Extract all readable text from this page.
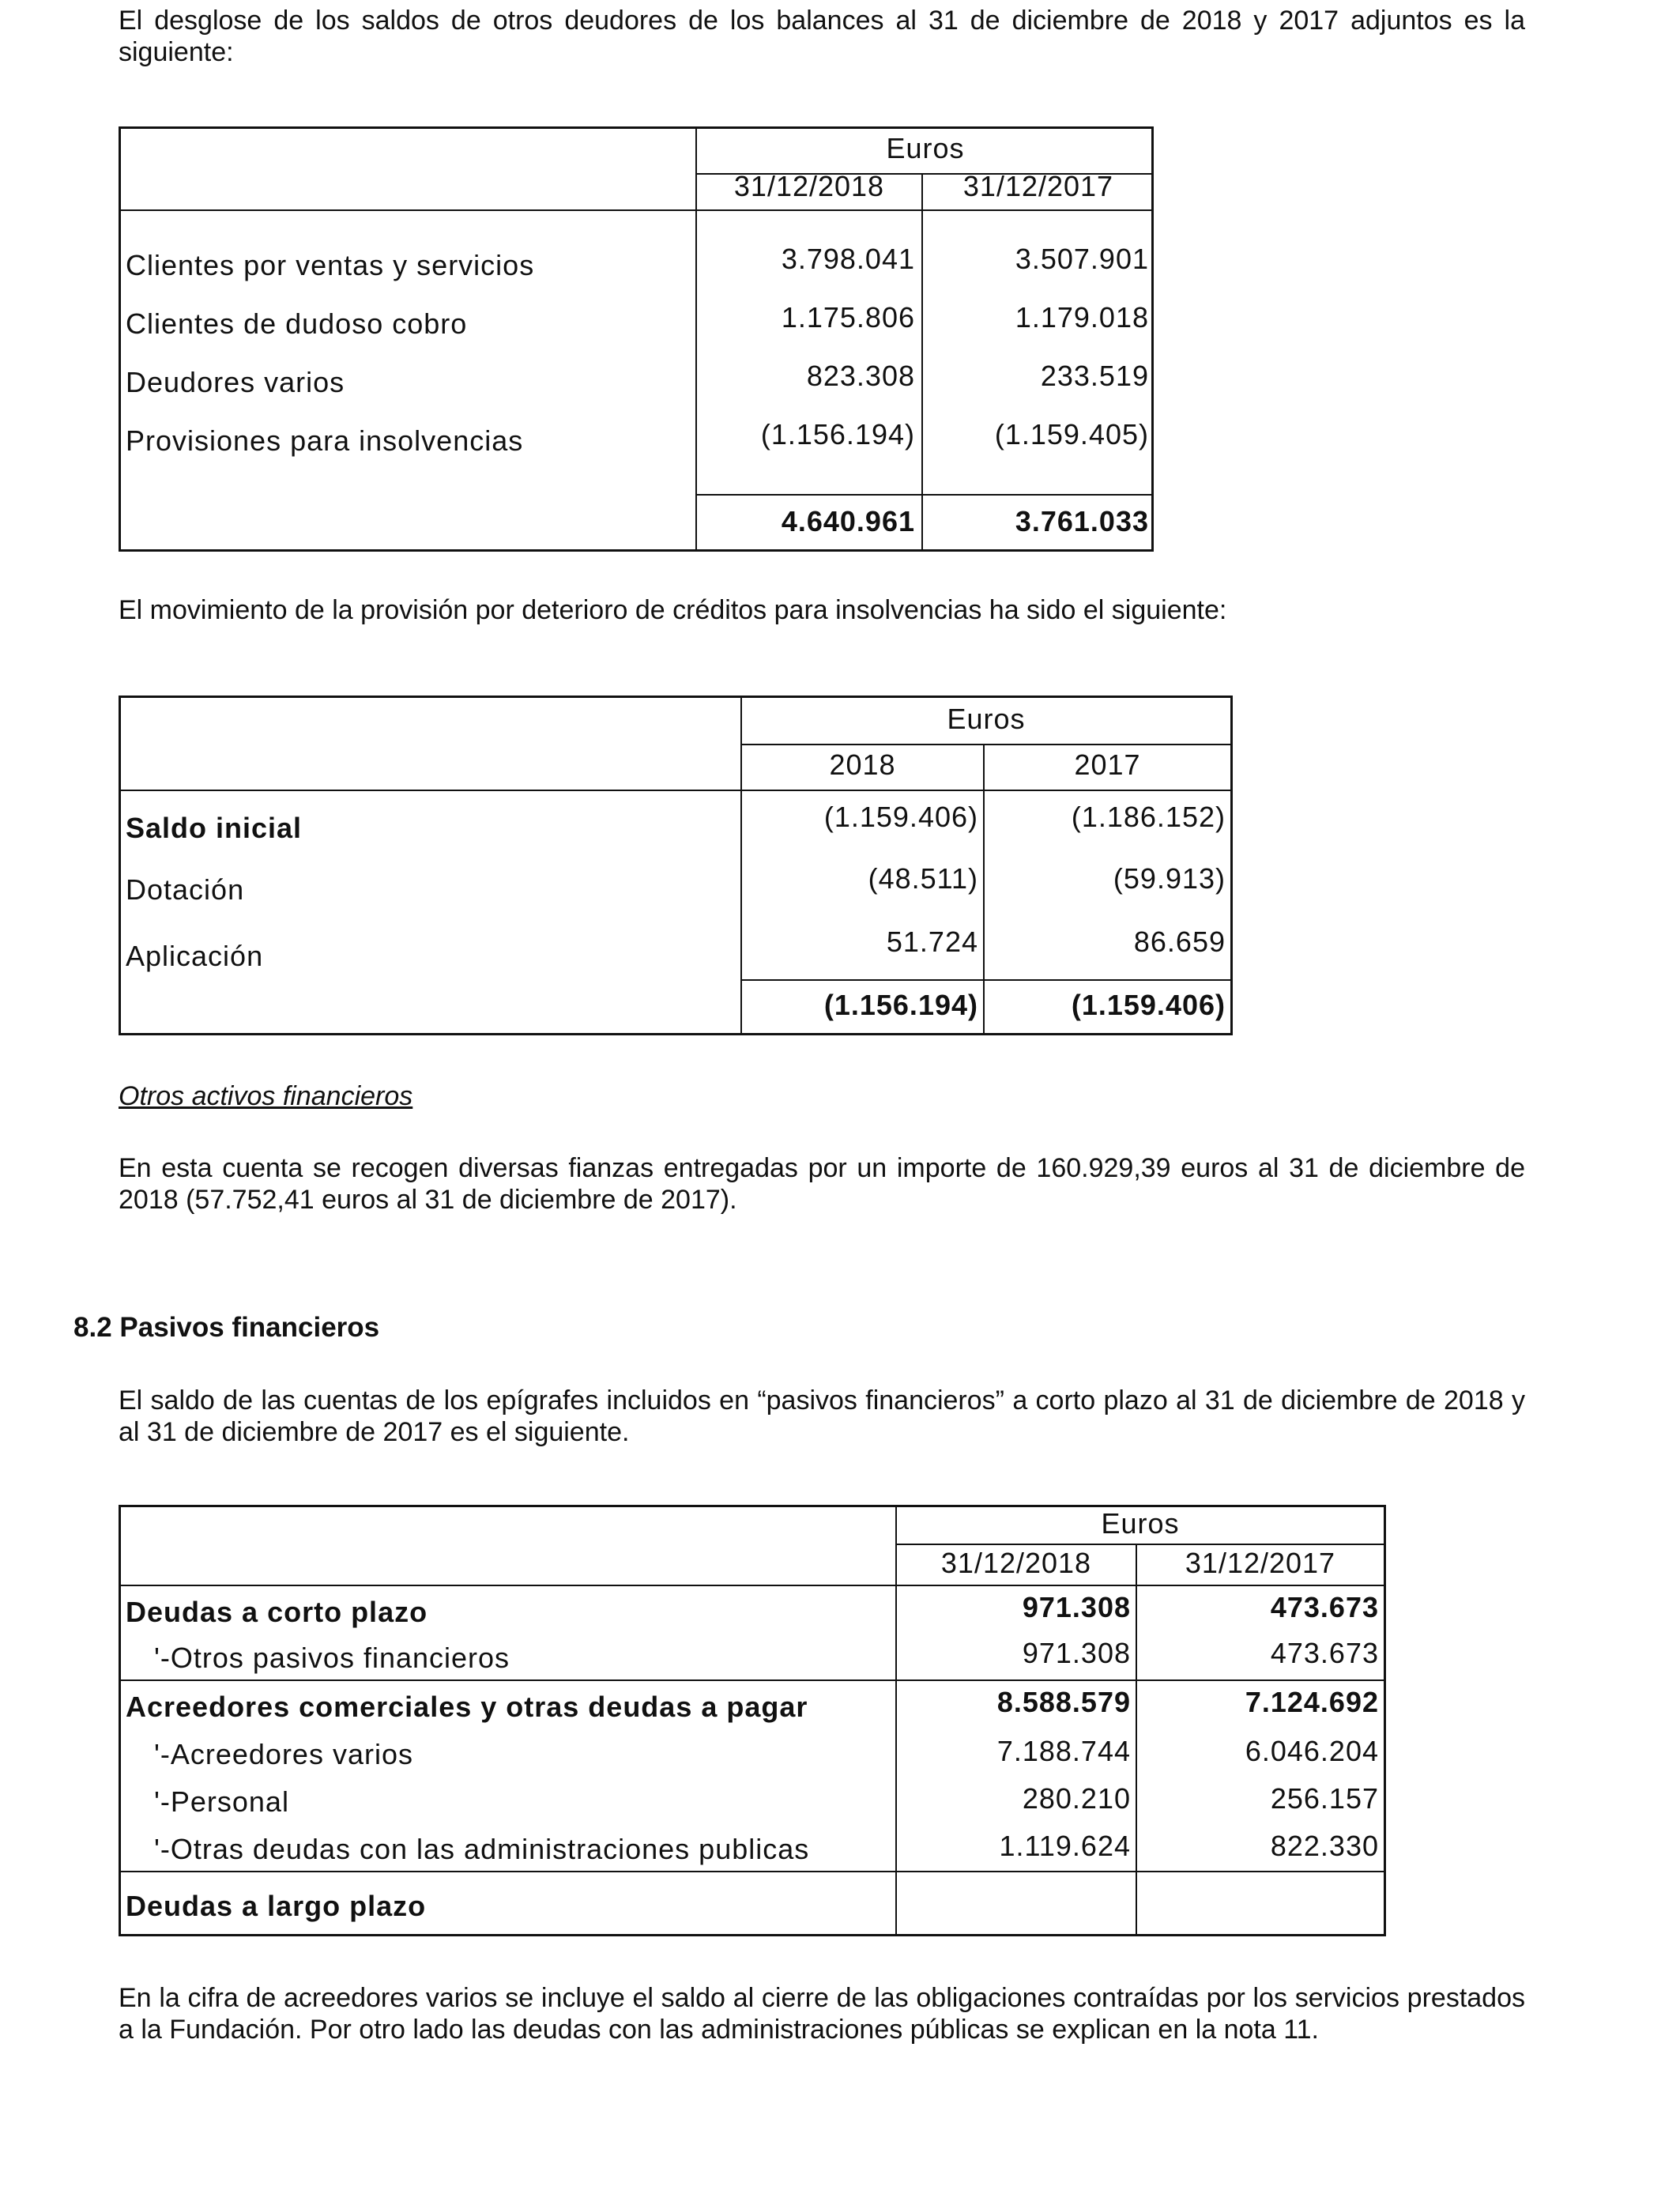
El desglose de los saldos de otros deudores de los balances al 31 de diciembre de 2018 y 2017 adjuntos es la siguiente:

Euros
31/12/2018	31/12/2017
Clientes por ventas y servicios	3.798.041	3.507.901
Clientes de dudoso cobro	1.175.806	1.179.018
Deudores varios	823.308	233.519
Provisiones para insolvencias	(1.156.194)	(1.159.405)
4.640.961	3.761.033

El movimiento de la provisión por deterioro de créditos para insolvencias ha sido el siguiente:

Euros
2018	2017
Saldo inicial	(1.159.406)	(1.186.152)
Dotación	(48.511)	(59.913)
Aplicación	51.724	86.659
(1.156.194)	(1.159.406)

Otros activos financieros

En esta cuenta se recogen diversas fianzas entregadas por un importe de 160.929,39 euros al 31 de diciembre de 2018 (57.752,41 euros al 31 de diciembre de 2017).

8.2 Pasivos financieros

El saldo de las cuentas de los epígrafes incluidos en “pasivos financieros” a corto plazo al 31 de diciembre de 2018 y al 31 de diciembre de 2017 es el siguiente.

Euros
31/12/2018	31/12/2017
Deudas a corto plazo	971.308	473.673
'-Otros pasivos financieros	971.308	473.673
Acreedores comerciales y otras deudas a pagar	8.588.579	7.124.692
'-Acreedores varios	7.188.744	6.046.204
'-Personal	280.210	256.157
'-Otras deudas con las administraciones publicas	1.119.624	822.330
Deudas a largo plazo

En la cifra de acreedores varios se incluye el saldo al cierre de las obligaciones contraídas por los servicios prestados a la Fundación. Por otro lado las deudas con las administraciones públicas se explican en la nota 11.
